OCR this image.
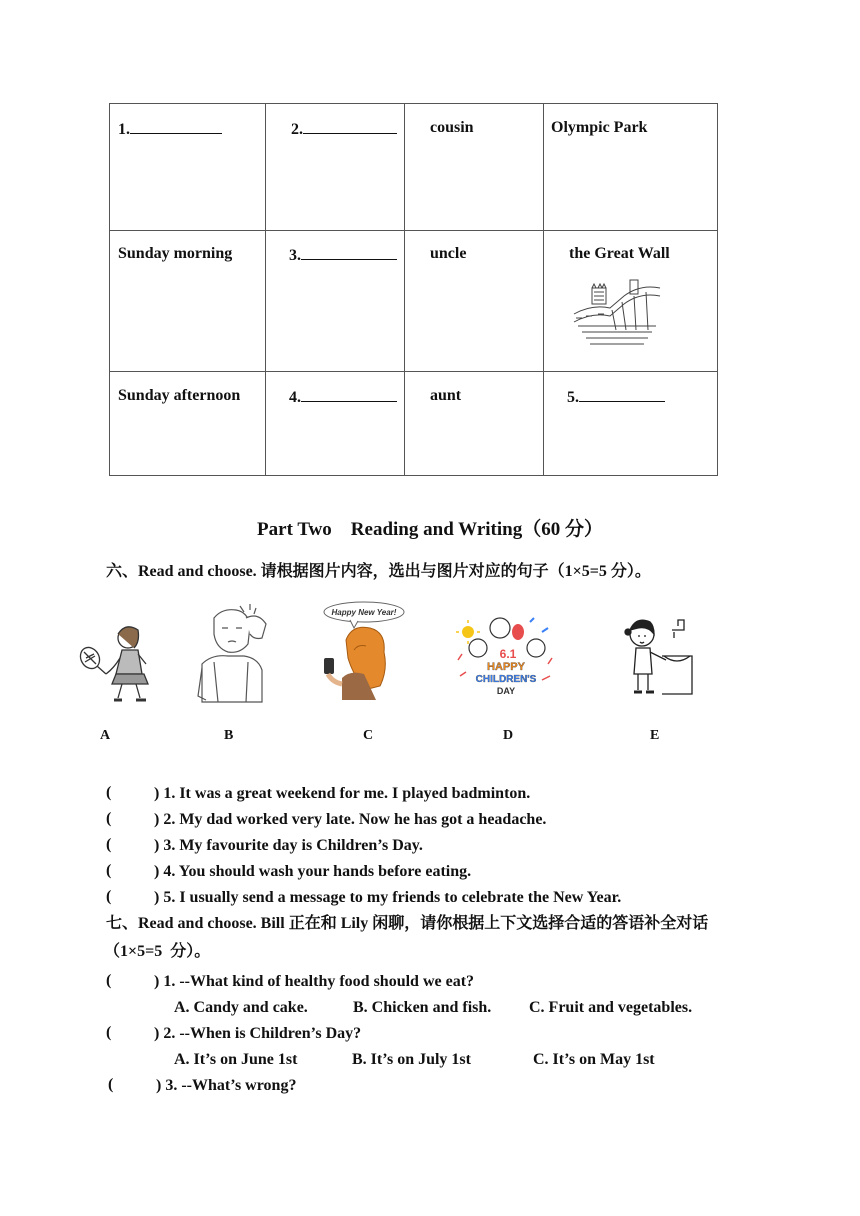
1.	2.	cousin	Olympic Park
Sunday morning	3.	uncle	the Great Wall
Sunday afternoon	4.	aunt	5.
Part Two    Reading and Writing（60 分）
六、Read and choose. 请根据图片内容，选出与图片对应的句子（1×5=5 分）。
Happy New Year!
6.1
HAPPY
CHILDREN'S
DAY
A	B	C	D	E
(	) 1. It was a great weekend for me. I played badminton.
(	) 2. My dad worked very late. Now he has got a headache.
(	) 3. My favourite day is Children’s Day.
(	) 4. You should wash your hands before eating.
(	) 5. I usually send a message to my friends to celebrate the New Year.
七、Read and choose. Bill 正在和 Lily 闲聊，请你根据上下文选择合适的答语补全对话
（1×5=5  分）。
(	) 1. --What kind of healthy food should we eat?
A. Candy and cake.	B. Chicken and fish. C. Fruit and vegetables.
(	) 2. --When is Children’s Day?
A. It’s on June 1st	B. It’s on July 1st	C. It’s on May 1st
(	) 3. --What’s wrong?
